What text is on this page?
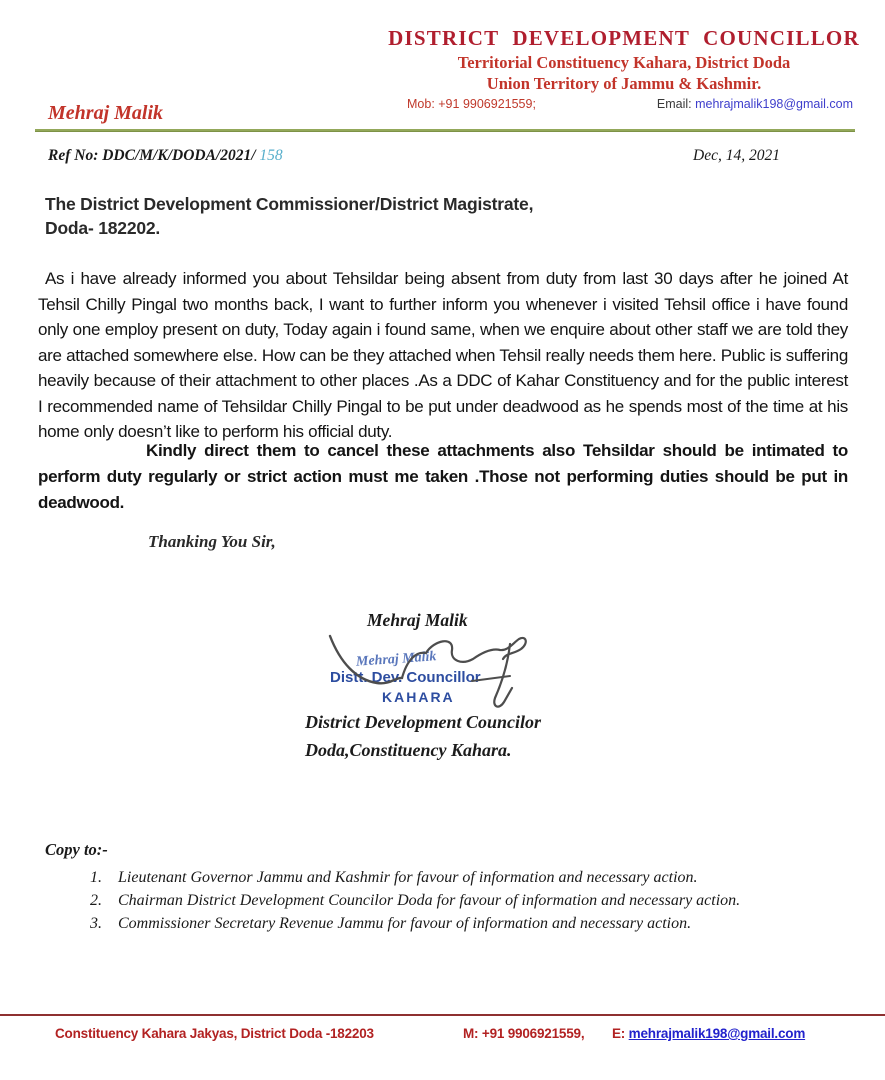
DISTRICT DEVELOPMENT COUNCILLOR
Territorial Constituency Kahara, District Doda
Union Territory of Jammu & Kashmir.
Mob: +91 9906921559;	Email: mehrajmalik198@gmail.com
Mehraj Malik
Ref No: DDC/M/K/DODA/2021/ 158	Dec, 14, 2021
The District Development Commissioner/District Magistrate,
Doda- 182202.
As i have already informed you about Tehsildar being absent from duty from last 30 days after he joined At Tehsil Chilly Pingal two months back, I want to further inform you whenever i visited Tehsil office i have found only one employ present on duty, Today again i found same, when we enquire about other staff we are told they are attached somewhere else. How can be they attached when Tehsil really needs them here. Public is suffering heavily because of their attachment to other places .As a DDC of Kahar Constituency and for the public interest I recommended name of Tehsildar Chilly Pingal to be put under deadwood as he spends most of the time at his home only doesn’t like to perform his official duty.
Kindly direct them to cancel these attachments also Tehsildar should be intimated to perform duty regularly or strict action must me taken .Those not performing duties should be put in deadwood.
Thanking You Sir,
Mehraj Malik
Mehraj Malik
Distt. Dev. Councillor
KAHARA
District Development Councilor
Doda,Constituency Kahara.
Copy to:-
1.	Lieutenant Governor Jammu and Kashmir for favour of information and necessary action.
2.	Chairman District Development Councilor Doda for favour of information and necessary action.
3.	Commissioner Secretary Revenue Jammu for favour of information and necessary action.
Constituency Kahara Jakyas, District Doda -182203	M: +91 9906921559, E: mehrajmalik198@gmail.com
